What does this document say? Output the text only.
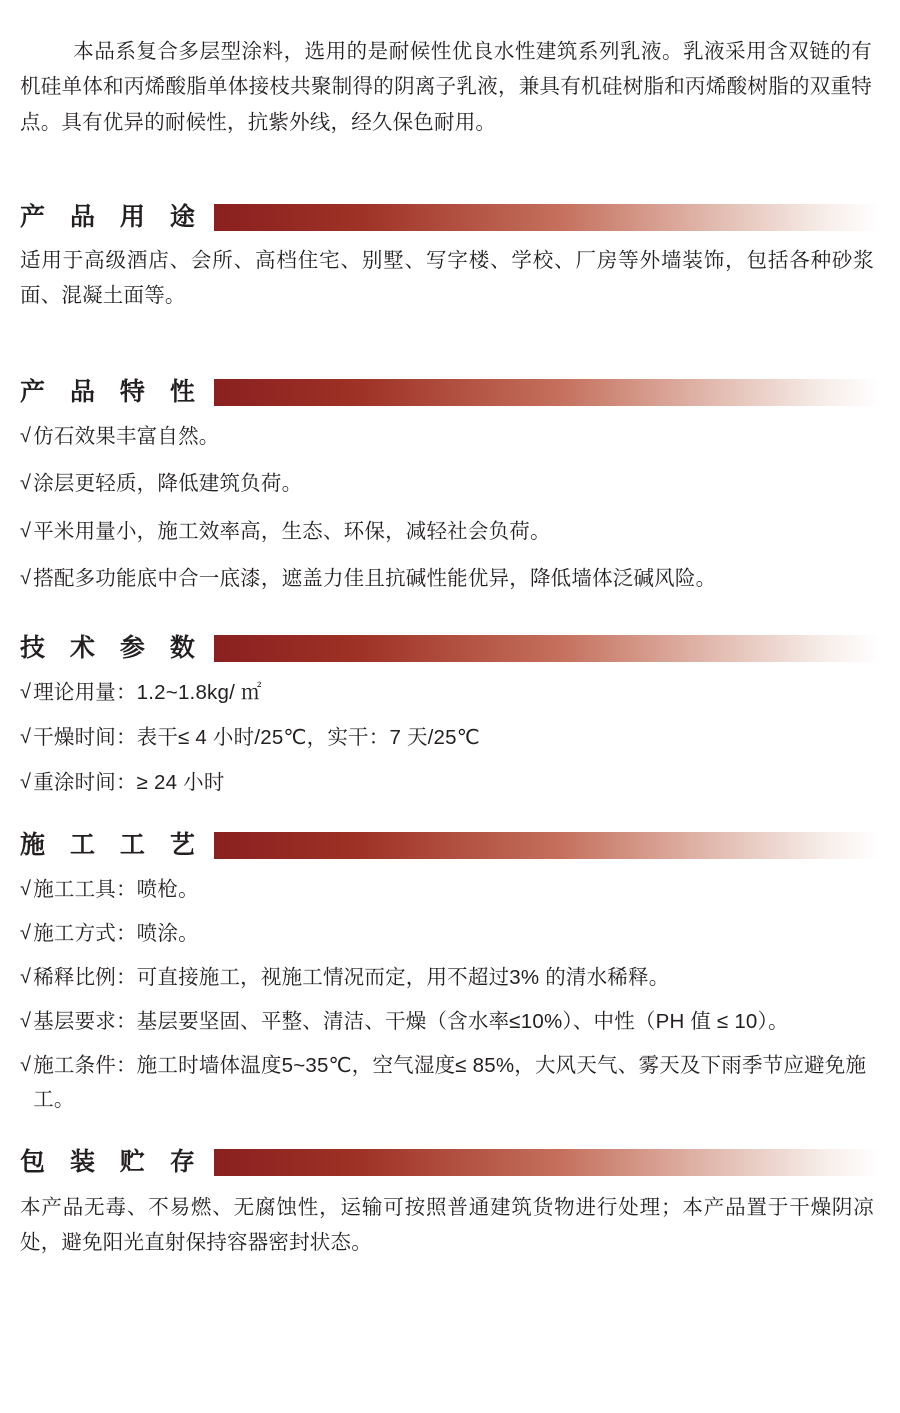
本品系复合多层型涂料，选用的是耐候性优良水性建筑系列乳液。乳液采用含双链的有机硅单体和丙烯酸脂单体接枝共聚制得的阴离子乳液，兼具有机硅树脂和丙烯酸树脂的双重特点。具有优异的耐候性，抗紫外线，经久保色耐用。

产 品 用 途

适用于高级酒店、会所、高档住宅、别墅、写字楼、学校、厂房等外墙装饰，包括各种砂浆面、混凝土面等。

产 品 特 性
√ 仿石效果丰富自然。
√ 涂层更轻质，降低建筑负荷。
√ 平米用量小，施工效率高，生态、环保，减轻社会负荷。
√ 搭配多功能底中合一底漆，遮盖力佳且抗碱性能优异，降低墙体泛碱风险。
技 术 参 数
√ 理论用量：1.2~1.8kg/ ㎡
√ 干燥时间：表干≤ 4 小时/25℃，实干：7 天/25℃
√ 重涂时间：≥ 24 小时
施 工 工 艺
√ 施工工具：喷枪。
√ 施工方式：喷涂。
√ 稀释比例：可直接施工，视施工情况而定，用不超过3% 的清水稀释。
√ 基层要求：基层要坚固、平整、清洁、干燥（含水率≤10%）、中性（PH 值 ≤ 10）。
√ 施工条件：施工时墙体温度5~35℃，空气湿度≤ 85%，大风天气、雾天及下雨季节应避免施工。
包 装 贮 存

本产品无毒、不易燃、无腐蚀性，运输可按照普通建筑货物进行处理；本产品置于干燥阴凉处，避免阳光直射保持容器密封状态。
